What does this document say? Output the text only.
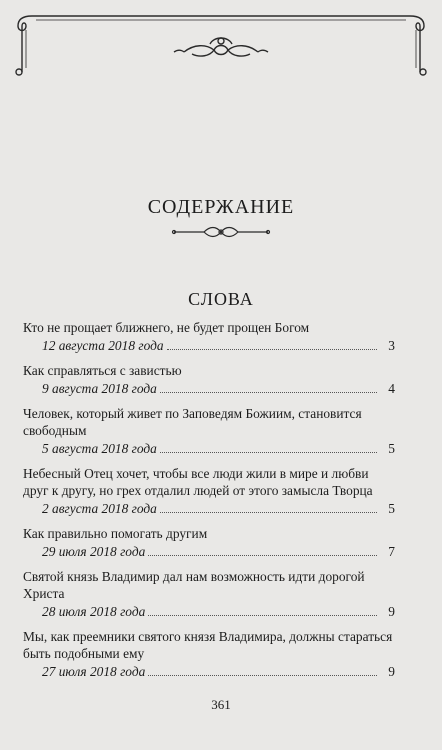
СОДЕРЖАНИЕ
СЛОВА
Кто не прощает ближнего, не будет прощен Богом
12 августа 2018 года	3
Как справляться с завистью
9 августа 2018 года	4
Человек, который живет по Заповедям Божиим, становится свободным
5 августа 2018 года	5
Небесный Отец хочет, чтобы все люди жили в мире и любви друг к другу, но грех отдалил людей от этого замысла Творца
2 августа 2018 года	5
Как правильно помогать другим
29 июля 2018 года	7
Святой князь Владимир дал нам возможность идти дорогой Христа
28 июля 2018 года	9
Мы, как преемники святого князя Владимира, должны стараться быть подобными ему
27 июля 2018 года	9
361
